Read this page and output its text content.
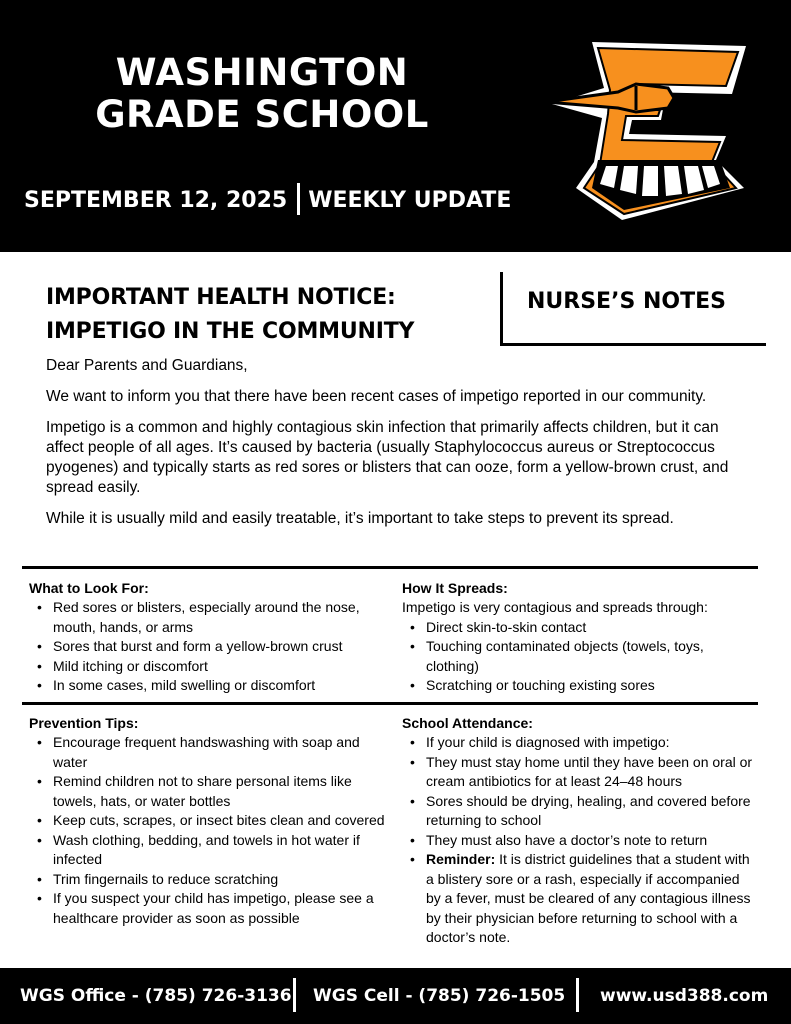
WASHINGTON
GRADE SCHOOL
SEPTEMBER 12, 2025 WEEKLY UPDATE
IMPORTANT HEALTH NOTICE:
IMPETIGO IN THE COMMUNITY
NURSE’S NOTES

Dear Parents and Guardians,

We want to inform you that there have been recent cases of impetigo reported in our community.

Impetigo is a common and highly contagious skin infection that primarily affects children, but it can affect people of all ages. It’s caused by bacteria (usually Staphylococcus aureus or Streptococcus pyogenes) and typically starts as red sores or blisters that can ooze, form a yellow-brown crust, and spread easily.

While it is usually mild and easily treatable, it’s important to take steps to prevent its spread.

What to Look For:
• Red sores or blisters, especially around the nose, mouth, hands, or arms
• Sores that burst and form a yellow-brown crust
• Mild itching or discomfort
• In some cases, mild swelling or discomfort
How It Spreads:
Impetigo is very contagious and spreads through:
• Direct skin-to-skin contact
• Touching contaminated objects (towels, toys, clothing)
• Scratching or touching existing sores
Prevention Tips:
• Encourage frequent handswashing with soap and water
• Remind children not to share personal items like towels, hats, or water bottles
• Keep cuts, scrapes, or insect bites clean and covered
• Wash clothing, bedding, and towels in hot water if infected
• Trim fingernails to reduce scratching
• If you suspect your child has impetigo, please see a healthcare provider as soon as possible
School Attendance:
• If your child is diagnosed with impetigo:
• They must stay home until they have been on oral or cream antibiotics for at least 24–48 hours
• Sores should be drying, healing, and covered before returning to school
• They must also have a doctor’s note to return
• Reminder: It is district guidelines that a student with a blistery sore or a rash, especially if accompanied by a fever, must be cleared of any contagious illness by their physician before returning to school with a doctor’s note.
WGS Office - (785) 726-3136 WGS Cell - (785) 726-1505 www.usd388.com
